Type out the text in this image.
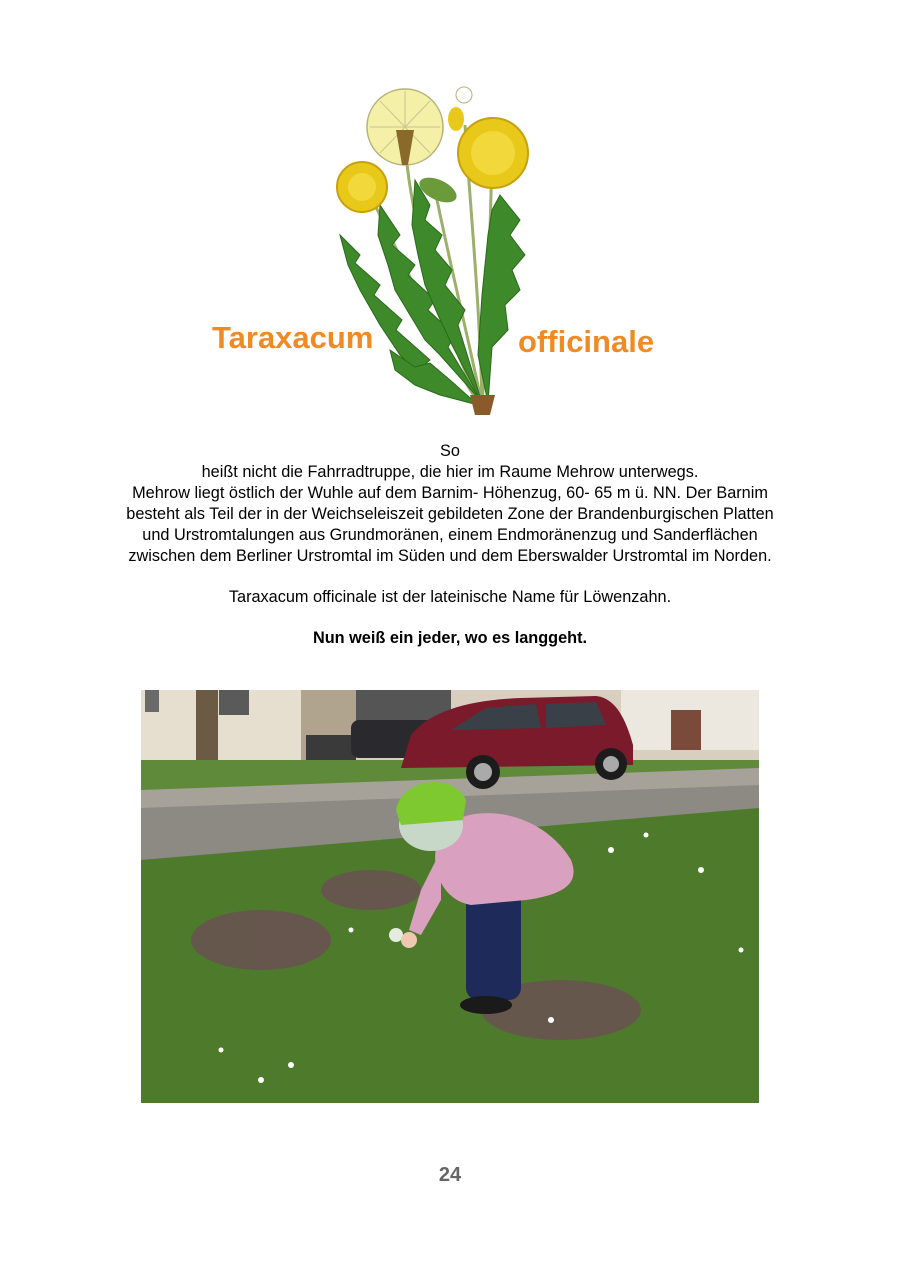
Taraxacum	officinale

So

heißt nicht die Fahrradtruppe, die hier im Raume Mehrow unterwegs.

Mehrow liegt östlich der Wuhle auf dem Barnim- Höhenzug, 60- 65 m ü. NN. Der Barnim

besteht als Teil der in der Weichseleiszeit gebildeten Zone der Brandenburgischen Platten

und Urstromtalungen aus Grundmoränen, einem Endmoränenzug und Sanderflächen

zwischen dem Berliner Urstromtal im Süden und dem Eberswalder Urstromtal im Norden.

Taraxacum officinale ist der lateinische Name für Löwenzahn.

Nun weiß ein jeder, wo es langgeht.

24
